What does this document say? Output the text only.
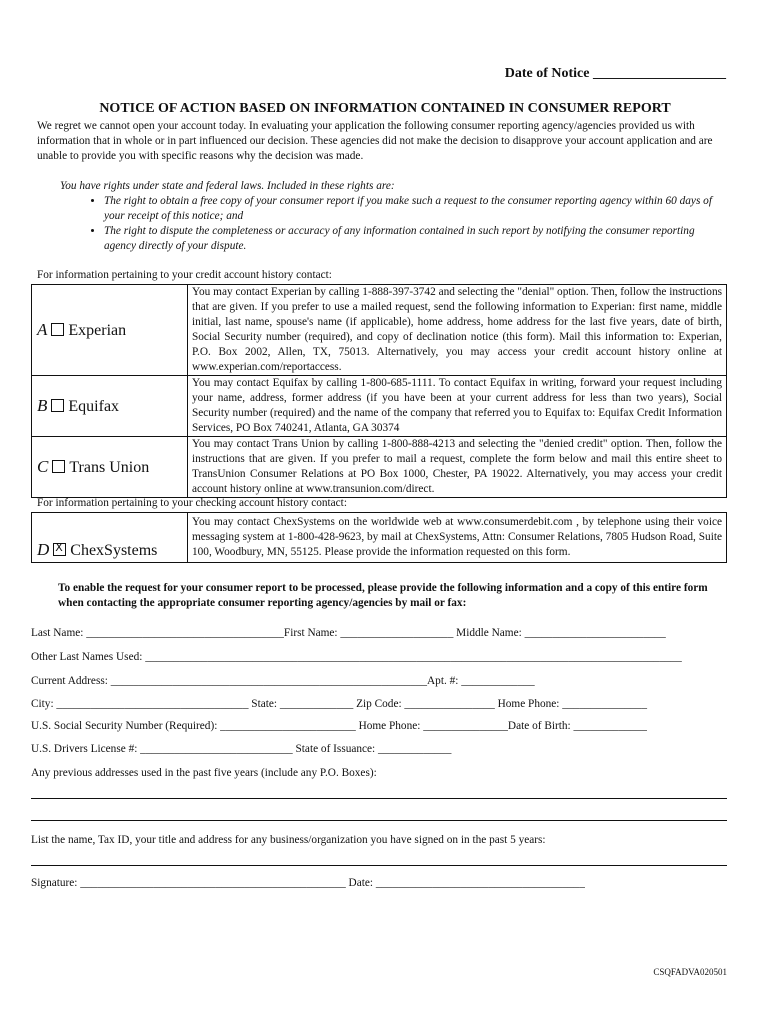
Date of Notice ___________________
NOTICE OF ACTION BASED ON INFORMATION CONTAINED IN CONSUMER REPORT
We regret we cannot open your account today. In evaluating your application the following consumer reporting agency/agencies provided us with information that in whole or in part influenced our decision. These agencies did not make the decision to disapprove your account application and are unable to provide you with specific reasons why the decision was made.
You have rights under state and federal laws. Included in these rights are:
• The right to obtain a free copy of your consumer report if you make such a request to the consumer reporting agency within 60 days of your receipt of this notice; and
• The right to dispute the completeness or accuracy of any information contained in such report by notifying the consumer reporting agency directly of your dispute.
For information pertaining to your credit account history contact:
A Experian	You may contact Experian by calling 1-888-397-3742 and selecting the "denial" option. Then, follow the instructions that are given. If you prefer to use a mailed request, send the following information to Experian: first name, middle initial, last name, spouse's name (if applicable), home address, home address for the last five years, date of birth, Social Security number (required), and copy of declination notice (this form). Mail this information to: Experian, P.O. Box 2002, Allen, TX, 75013. Alternatively, you may access your credit account history online at www.experian.com/reportaccess.
B Equifax	You may contact Equifax by calling 1-800-685-1111. To contact Equifax in writing, forward your request including your name, address, former address (if you have been at your current address for less than two years), Social Security number (required) and the name of the company that referred you to Equifax to: Equifax Credit Information Services, PO Box 740241, Atlanta, GA 30374
C Trans Union	You may contact Trans Union by calling 1-800-888-4213 and selecting the "denied credit" option. Then, follow the instructions that are given. If you prefer to mail a request, complete the form below and mail this entire sheet to TransUnion Consumer Relations at PO Box 1000, Chester, PA 19022. Alternatively, you may access your credit account history online at www.transunion.com/direct.
For information pertaining to your checking account history contact:
D X ChexSystems	You may contact ChexSystems on the worldwide web at www.consumerdebit.com , by telephone using their voice messaging system at 1-800-428-9623, by mail at ChexSystems, Attn: Consumer Relations, 7805 Hudson Road, Suite 100, Woodbury, MN, 55125. Please provide the information requested on this form.
To enable the request for your consumer report to be processed, please provide the following information and a copy of this entire form when contacting the appropriate consumer reporting agency/agencies by mail or fax:
Last Name: ___________________________________First Name: ____________________ Middle Name: _________________________
Other Last Names Used: _______________________________________________________________________________________________
Current Address: ________________________________________________________Apt. #: _____________
City: __________________________________ State: _____________ Zip Code: ________________ Home Phone: _______________
U.S. Social Security Number (Required): ________________________ Home Phone: _______________Date of Birth: _____________
U.S. Drivers License #: ___________________________ State of Issuance: _____________
Any previous addresses used in the past five years (include any P.O. Boxes):
List the name, Tax ID, your title and address for any business/organization you have signed on in the past 5 years:
Signature: _______________________________________________ Date: _____________________________________
CSQFADVA020501
